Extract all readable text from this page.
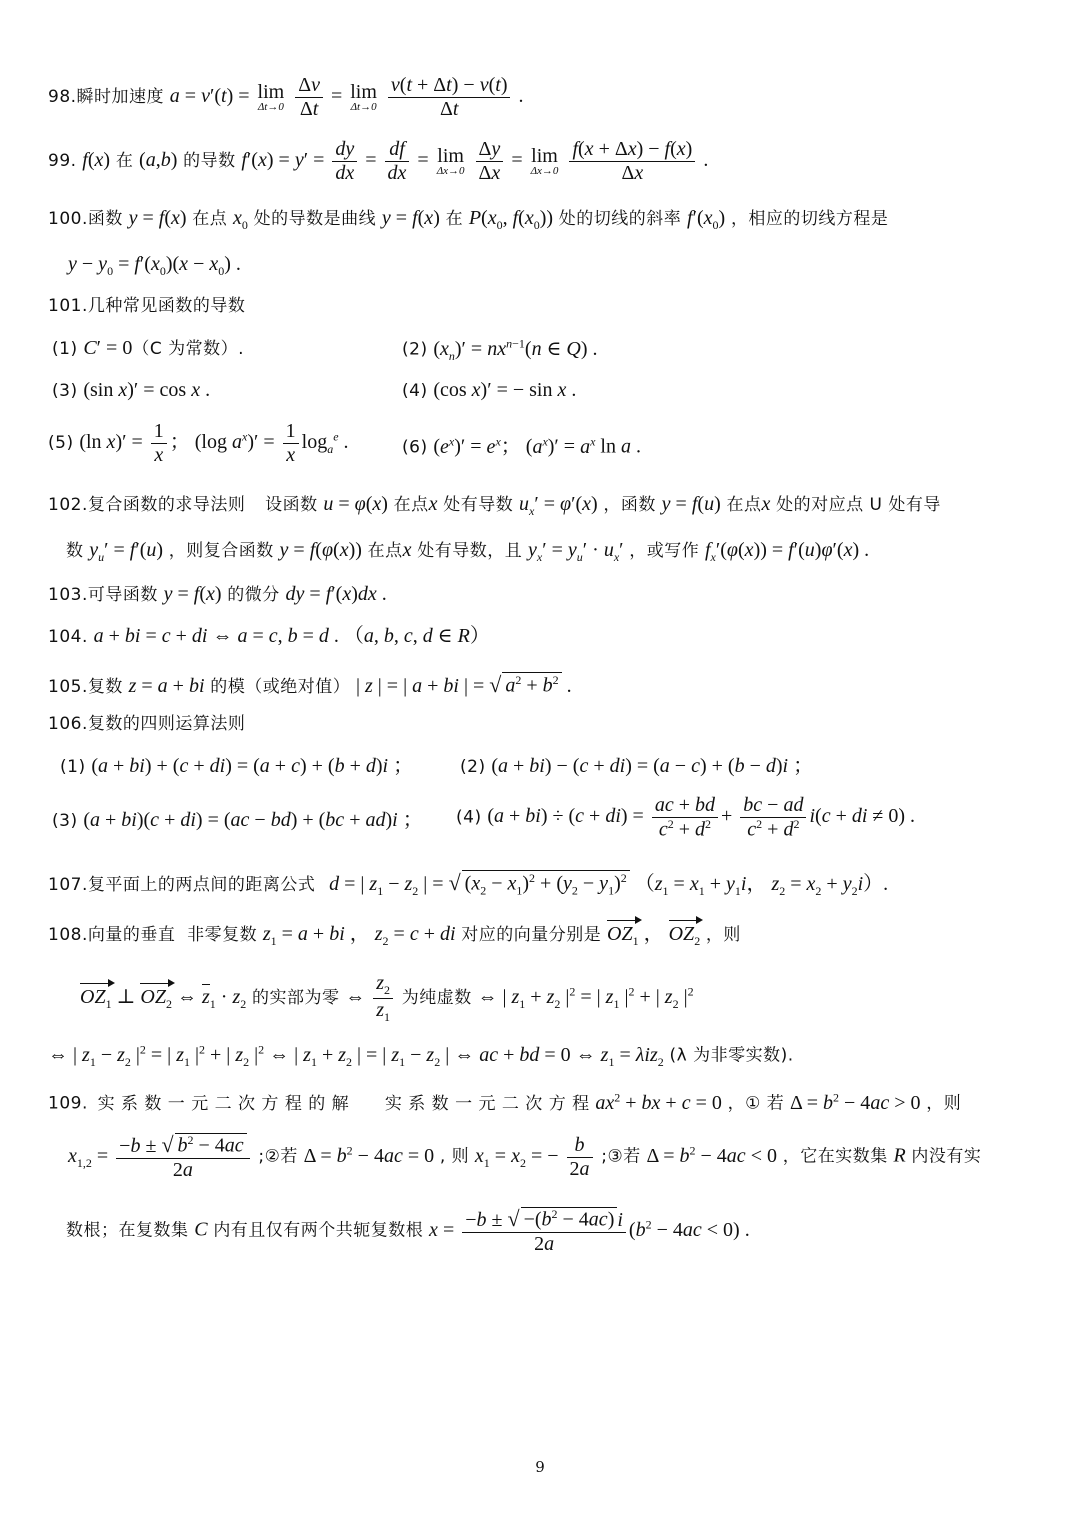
98.瞬时加速度 a = v′(t) = lim
Δt→0
$\frac{\Delta v}{\Delta t} = \lim$
Δt→0
$\frac{v(t + \Delta t) - v(t)}{\Delta t}$ .
99. f(x) 在 (a,b) 的导数 $f'(x) = y' = \frac{dy}{dx} = \frac{df}{dx} = \lim$
Δx→0
$\frac{\Delta y}{\Delta x} = \lim$
Δx→0
$\frac{f(x + \Delta x) - f(x)}{\Delta x}$ .
100.函数 y = f(x) 在点 $x_0$ 处的导数是曲线 y = f(x) 在 $P(x_0$, $f(x_0)$) 处的切线的斜率 $f'(x_0)$ ，相应的切线方程是
$y - y_0 = f'(x_0)(x - x_0)$ .
101.几种常见函数的导数
(1) C′ = 0（C 为常数）.	(2) $(x_n)' = nx^{n-1}(n$ ∈ Q) .
(3) (sin x)′ = cos x .	(4) (cos x)′ = − sin x .
(5) (ln $x)' = \frac{1}{x}$ ； (log $a^x)' = \frac{1}{x} \log_a^e$ .	(6) $(e^x)' = e^x$； $(a^x)' = a^x$ ln a .
102.复合函数的求导法则 设函数 u = φ(x) 在点x 处有导数 $u_x' = \varphi'(x)$ ，函数 y = f(u) 在点x 处的对应点 U 处有导
数 $y_u' = f'(u)$ ，则复合函数 y = f(φ(x)) 在点x 处有导数，且 $y_x' = y_u' \cdot u_x'$ ，或写作 $f_x'(\varphi(x)) = f'(u)\varphi'(x)$ .
103.可导函数 y = f(x) 的微分 dy = f′(x)dx .
104. a + bi = c + di ⇔ a = c, b = d . （a, b, c, d ∈ R）
105.复数 z = a + bi 的模（或绝对值） | z | = | a + bi | = √ $a^2 + b^2$ .
106.复数的四则运算法则
(1) (a + bi) + (c + di) = (a + c) + (b + d)i ；	(2) (a + bi) − (c + di) = (a − c) + (b − d)i ；
(3) (a + bi)(c + di) = (ac − bd) + (bc + ad)i ； (4) $(a + bi) \div (c + di) = \frac{ac + bd}{c^2 + d^2} + \frac{bc - ad}{c^2 + d^2} i(c$ + di ≠ 0) .
107.复平面上的两点间的距离公式 d = | $z_1 - z_2$ | = √ $(x_2 - x_1)^2 + (y_2 - y_1)^2$ （$z_1 = x_1 + y_1i$， $z_2 = x_2 + y_2i$）.
108.向量的垂直 非零复数 $z_1 = a$ + bi ， $z_2 = c$ + di 对应的向量分别是 $OZ_1$ ， $OZ_2$ ，则
$OZ_1$ ⊥ $OZ_2$ ⇔ $z_1 \cdot z_2$ 的实部为零 ⇔ $\frac{z_2}{z_1}$ 为纯虚数 ⇔ | $z_1 + z_2$ $|^2$ = | $z_1$ $|^2$ + | $z_2$ $|^2$
⇔ | $z_1 - z_2$ $|^2$ = | $z_1$ $|^2$ + | $z_2$ $|^2$ ⇔ | $z_1 + z_2$ | = | $z_1 - z_2$ | ⇔ ac + bd = 0 ⇔ $z_1 = \lambda iz_2$ (λ 为非零实数).
109. 实 系 数 一 元 二 次 方 程 的 解 实 系 数 一 元 二 次 方 程 $ax^2$ + bx + c = 0 ，① 若 $\Delta = b^2 - 4ac > 0$ ，则
$x_{1,2} = \frac{-b \pm √ b^2 - 4ac}{2a}$ ;②若 $\Delta = b^2 - 4ac = 0$ , 则 $x_1 = x_2$ = − $\frac{b}{2a}$ ;③若 $\Delta = b^2 - 4ac < 0$ ，它在实数集 R 内没有实
数根；在复数集 C 内有且仅有两个共轭复数根 $x = \frac{-b \pm √ -(b^2 - 4ac) i}{2a} (b^2 - 4ac < 0)$ .
9
